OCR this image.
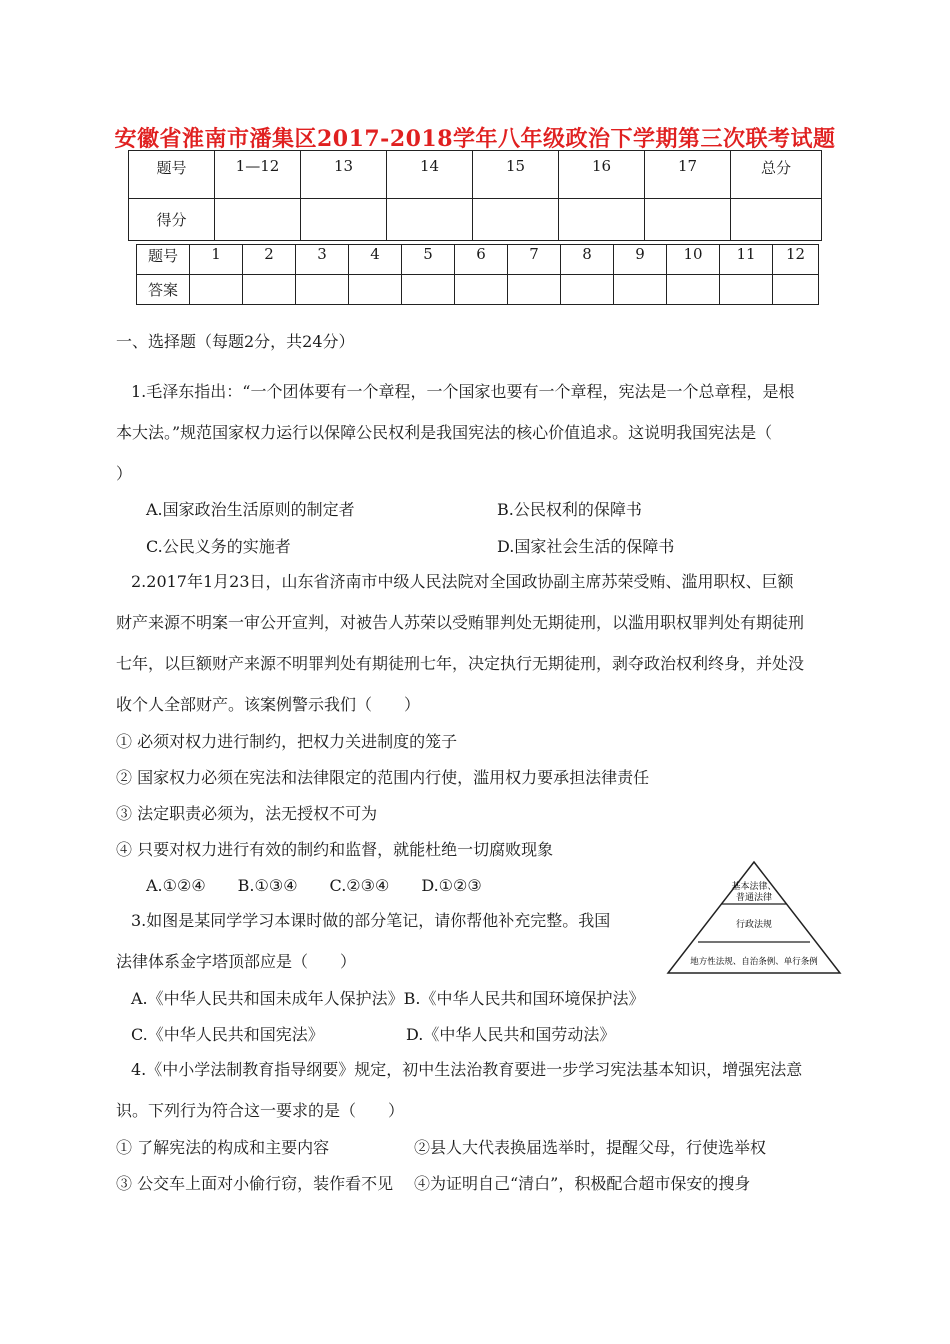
安徽省淮南市潘集区2017-2018学年八年级政治下学期第三次联考试题
题号	1—12	13	14	15	16	17	总分
得分							
题号	1	2	3	4	5	6	7	8	9	10	11	12
答案												
一、选择题（每题2分，共24分）
1.毛泽东指出：“一个团体要有一个章程，一个国家也要有一个章程，宪法是一个总章程，是根
本大法。”规范国家权力运行以保障公民权利是我国宪法的核心价值追求。这说明我国宪法是（
）
A.国家政治生活原则的制定者	B.公民权利的保障书
C.公民义务的实施者	D.国家社会生活的保障书
2.2017年1月23日，山东省济南市中级人民法院对全国政协副主席苏荣受贿、滥用职权、巨额
财产来源不明案一审公开宣判，对被告人苏荣以受贿罪判处无期徒刑，以滥用职权罪判处有期徒刑
七年，以巨额财产来源不明罪判处有期徒刑七年，决定执行无期徒刑，剥夺政治权利终身，并处没
收个人全部财产。该案例警示我们（　　）
① 必须对权力进行制约，把权力关进制度的笼子
② 国家权力必须在宪法和法律限定的范围内行使，滥用权力要承担法律责任
③ 法定职责必须为，法无授权不可为
④ 只要对权力进行有效的制约和监督，就能杜绝一切腐败现象
A.①②④　　B.①③④　　C.②③④　　D.①②③
3.如图是某同学学习本课时做的部分笔记，请你帮他补充完整。我国
法律体系金字塔顶部应是（　　）
A.《中华人民共和国未成年人保护法》B.《中华人民共和国环境保护法》
C.《中华人民共和国宪法》	D.《中华人民共和国劳动法》
基本法律、
普通法律
行政法规
地方性法规、自治条例、单行条例
4.《中小学法制教育指导纲要》规定，初中生法治教育要进一步学习宪法基本知识，增强宪法意
识。下列行为符合这一要求的是（　　）
① 了解宪法的构成和主要内容	②县人大代表换届选举时，提醒父母，行使选举权
③ 公交车上面对小偷行窃，装作看不见 ④为证明自己“清白”，积极配合超市保安的搜身
